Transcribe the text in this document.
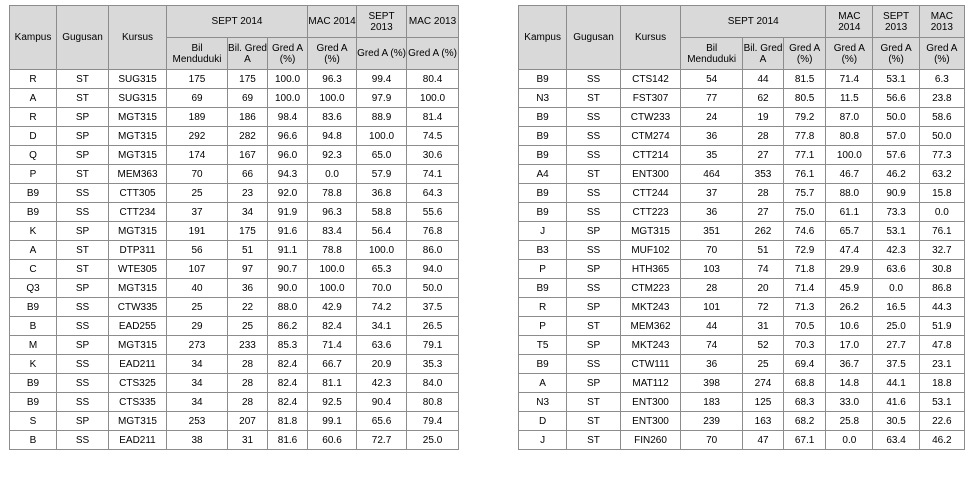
Kampus	Gugusan	Kursus	SEPT 2014			MAC 2014	SEPT 2013	MAC 2013
			Bil Menduduki	Bil. Gred A	Gred A (%)	Gred A (%)	Gred A (%)	Gred A (%)
R	ST	SUG315	175	175	100.0	96.3	99.4	80.4
A	ST	SUG315	69	69	100.0	100.0	97.9	100.0
R	SP	MGT315	189	186	98.4	83.6	88.9	81.4
D	SP	MGT315	292	282	96.6	94.8	100.0	74.5
Q	SP	MGT315	174	167	96.0	92.3	65.0	30.6
P	ST	MEM363	70	66	94.3	0.0	57.9	74.1
B9	SS	CTT305	25	23	92.0	78.8	36.8	64.3
B9	SS	CTT234	37	34	91.9	96.3	58.8	55.6
K	SP	MGT315	191	175	91.6	83.4	56.4	76.8
A	ST	DTP311	56	51	91.1	78.8	100.0	86.0
C	ST	WTE305	107	97	90.7	100.0	65.3	94.0
Q3	SP	MGT315	40	36	90.0	100.0	70.0	50.0
B9	SS	CTW335	25	22	88.0	42.9	74.2	37.5
B	SS	EAD255	29	25	86.2	82.4	34.1	26.5
M	SP	MGT315	273	233	85.3	71.4	63.6	79.1
K	SS	EAD211	34	28	82.4	66.7	20.9	35.3
B9	SS	CTS325	34	28	82.4	81.1	42.3	84.0
B9	SS	CTS335	34	28	82.4	92.5	90.4	80.8
S	SP	MGT315	253	207	81.8	99.1	65.6	79.4
B	SS	EAD211	38	31	81.6	60.6	72.7	25.0
Kampus	Gugusan	Kursus	SEPT 2014			MAC 2014	SEPT 2013	MAC 2013
			Bil Menduduki	Bil. Gred A	Gred A (%)	Gred A (%)	Gred A (%)	Gred A (%)
B9	SS	CTS142	54	44	81.5	71.4	53.1	6.3
N3	ST	FST307	77	62	80.5	11.5	56.6	23.8
B9	SS	CTW233	24	19	79.2	87.0	50.0	58.6
B9	SS	CTM274	36	28	77.8	80.8	57.0	50.0
B9	SS	CTT214	35	27	77.1	100.0	57.6	77.3
A4	ST	ENT300	464	353	76.1	46.7	46.2	63.2
B9	SS	CTT244	37	28	75.7	88.0	90.9	15.8
B9	SS	CTT223	36	27	75.0	61.1	73.3	0.0
J	SP	MGT315	351	262	74.6	65.7	53.1	76.1
B3	SS	MUF102	70	51	72.9	47.4	42.3	32.7
P	SP	HTH365	103	74	71.8	29.9	63.6	30.8
B9	SS	CTM223	28	20	71.4	45.9	0.0	86.8
R	SP	MKT243	101	72	71.3	26.2	16.5	44.3
P	ST	MEM362	44	31	70.5	10.6	25.0	51.9
T5	SP	MKT243	74	52	70.3	17.0	27.7	47.8
B9	SS	CTW111	36	25	69.4	36.7	37.5	23.1
A	SP	MAT112	398	274	68.8	14.8	44.1	18.8
N3	ST	ENT300	183	125	68.3	33.0	41.6	53.1
D	ST	ENT300	239	163	68.2	25.8	30.5	22.6
J	ST	FIN260	70	47	67.1	0.0	63.4	46.2
